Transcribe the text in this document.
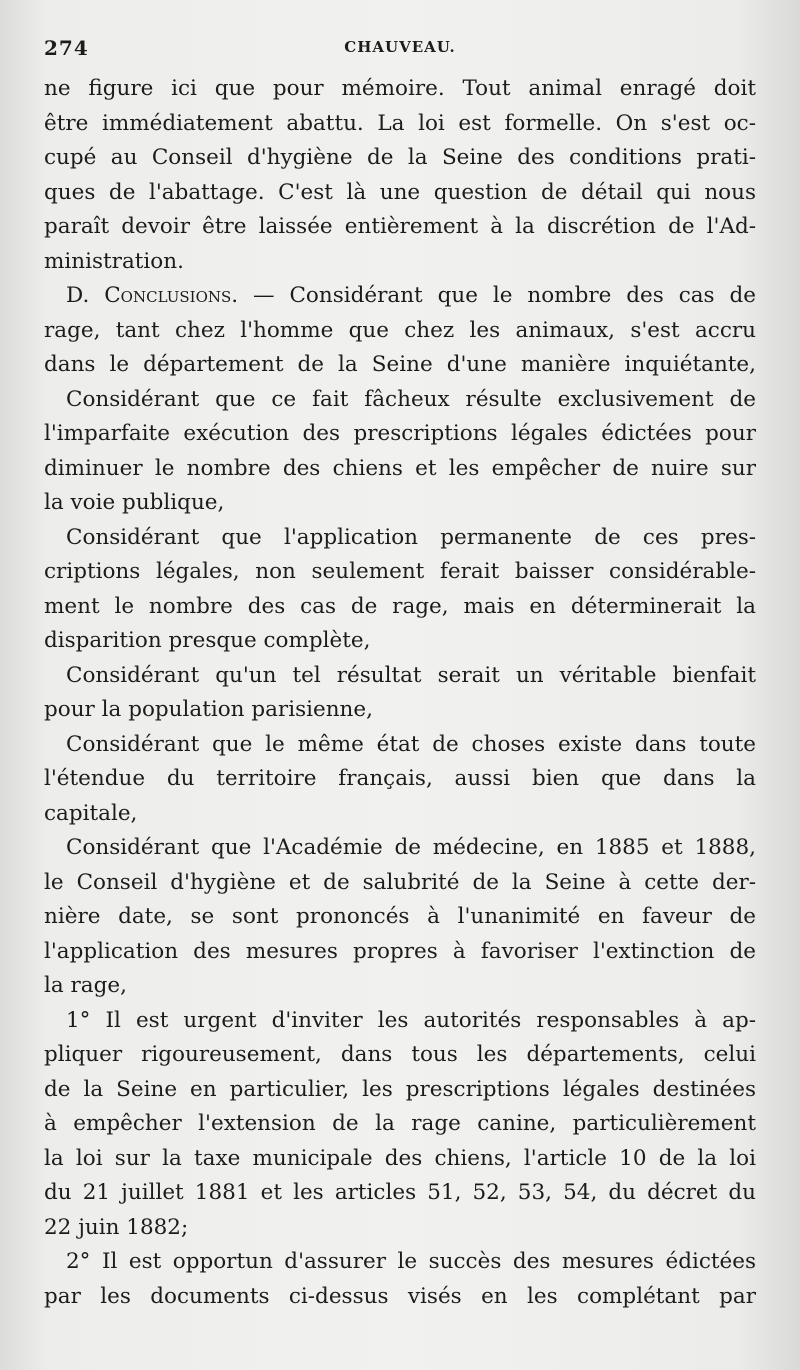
274	CHAUVEAU.
ne figure ici que pour mémoire. Tout animal enragé doit
être immédiatement abattu. La loi est formelle. On s'est oc-
cupé au Conseil d'hygiène de la Seine des conditions prati-
ques de l'abattage. C'est là une question de détail qui nous
paraît devoir être laissée entièrement à la discrétion de l'Ad-
ministration.
D. Conclusions. — Considérant que le nombre des cas de
rage, tant chez l'homme que chez les animaux, s'est accru
dans le département de la Seine d'une manière inquiétante,
Considérant que ce fait fâcheux résulte exclusivement de
l'imparfaite exécution des prescriptions légales édictées pour
diminuer le nombre des chiens et les empêcher de nuire sur
la voie publique,
Considérant que l'application permanente de ces pres-
criptions légales, non seulement ferait baisser considérable-
ment le nombre des cas de rage, mais en déterminerait la
disparition presque complète,
Considérant qu'un tel résultat serait un véritable bienfait
pour la population parisienne,
Considérant que le même état de choses existe dans toute
l'étendue du territoire français, aussi bien que dans la
capitale,
Considérant que l'Académie de médecine, en 1885 et 1888,
le Conseil d'hygiène et de salubrité de la Seine à cette der-
nière date, se sont prononcés à l'unanimité en faveur de
l'application des mesures propres à favoriser l'extinction de
la rage,
1° Il est urgent d'inviter les autorités responsables à ap-
pliquer rigoureusement, dans tous les départements, celui
de la Seine en particulier, les prescriptions légales destinées
à empêcher l'extension de la rage canine, particulièrement
la loi sur la taxe municipale des chiens, l'article 10 de la loi
du 21 juillet 1881 et les articles 51, 52, 53, 54, du décret du
22 juin 1882;
2° Il est opportun d'assurer le succès des mesures édictées
par les documents ci-dessus visés en les complétant par
